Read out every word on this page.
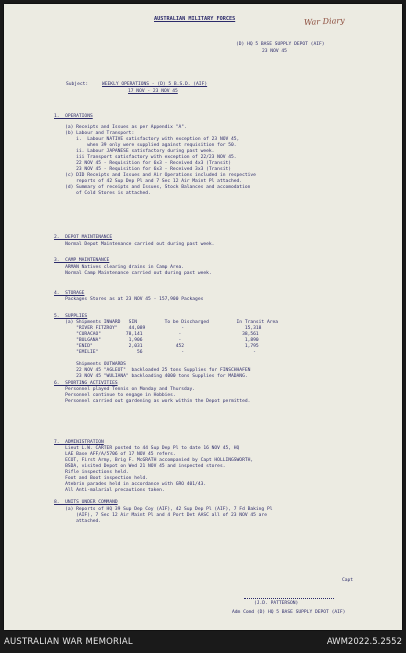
AUSTRALIAN MILITARY FORCES	War Diary
(D) HQ 5 BASE SUPPLY DEPOT (AIF)
23 NOV 45
Subject:	WEEKLY OPERATIONS - (D) 5 B.S.D. (AIF)
17 NOV - 23 NOV 45
1.  OPERATIONS
(a) Receipts and Issues as per Appendix "A".
(b) Labour and Transport:
i.  Labour NATIVE satisfactory with exception of 23 NOV 45,
when 39 only were supplied against requisition for 50.
ii. Labour JAPANESE satisfactory during past week.
iii Transport satisfactory with exception of 22/23 NOV 45.
22 NOV 45 - Requisition for 6x3 - Received 4x3 (Transit)
23 NOV 45 - Requisition for 6x3 - Received 3x3 (Transit)
(c) DID Receipts and Issues and Air Operations included in respective
reports of 42 Sup Dep Pl and 7 Sec 12 Air Maint Pl attached.
(d) Summary of receipts and Issues, Stock Balances and accomodation
of Cold Stores is attached.
2.  DEPOT MAINTENANCE
Normal Depot Maintenance carried out during past week.
3.  CAMP MAINTENANCE
ARMAN Natives clearing drains in Camp Area.
Normal Camp Maintenance carried out during past week.
4.  STORAGE
Packages Stores as at 23 NOV 45 - 157,900 Packages
5.  SUPPLIES
(a) Shipments INWARD   SIN          To be Discharged          In Transit Area
"RIVER FITZROY"    44,089             -                      15,318
"CURACAO"         78,141             -                      38,561
"BULGANA"          1,906             -                       1,890
"ENID"             2,031            452                      1,795
"EMILIE"              56              -                         -
Shipments OUTWARDS
22 NOV 45 "AGLEOT"  backloaded 25 tons Supplies for FINSCHHAFEN
23 NOV 45 "WULIANA" backloading 4000 tons Supplies for MADANG.
6.  SPORTING ACTIVITIES
Personnel played Tennis on Monday and Thursday.
Personnel continue to engage in Hobbies.
Personnel carried out gardening as work within the Depot permitted.
7.  ADMINISTRATION
Lieut L.W. CARTER posted to 44 Sup Dep Pl to date 16 NOV 45, HQ
LAE Base AFF/A/5706 of 17 NOV 45 refers.
ECOT, First Army, Brig F. McGRATH accompanied by Capt HOLLINGSWORTH,
BSDA, visited Depot on Wed 21 NOV 45 and inspected stores.
Rifle inspections held.
Foot and Boot inspection held.
Atebrin parades held in accordance with GRO 401/43.
All Anti-malarial precautions taken.
8.  UNITS UNDER COMMAND
(a) Reports of HQ 39 Sup Dep Coy (AIF), 42 Sup Dep Pl (AIF), 7 Fd Baking Pl
(AIF), 7 Sec 12 Air Maint Pl and 4 Port Det AASC all of 23 NOV 45 are
attached.
Capt
(J.D. PATTERSON)
Adm Comd (D) HQ 5 BASE SUPPLY DEPOT (AIF)
AUSTRALIAN WAR MEMORIAL	AWM2022.5.2552
